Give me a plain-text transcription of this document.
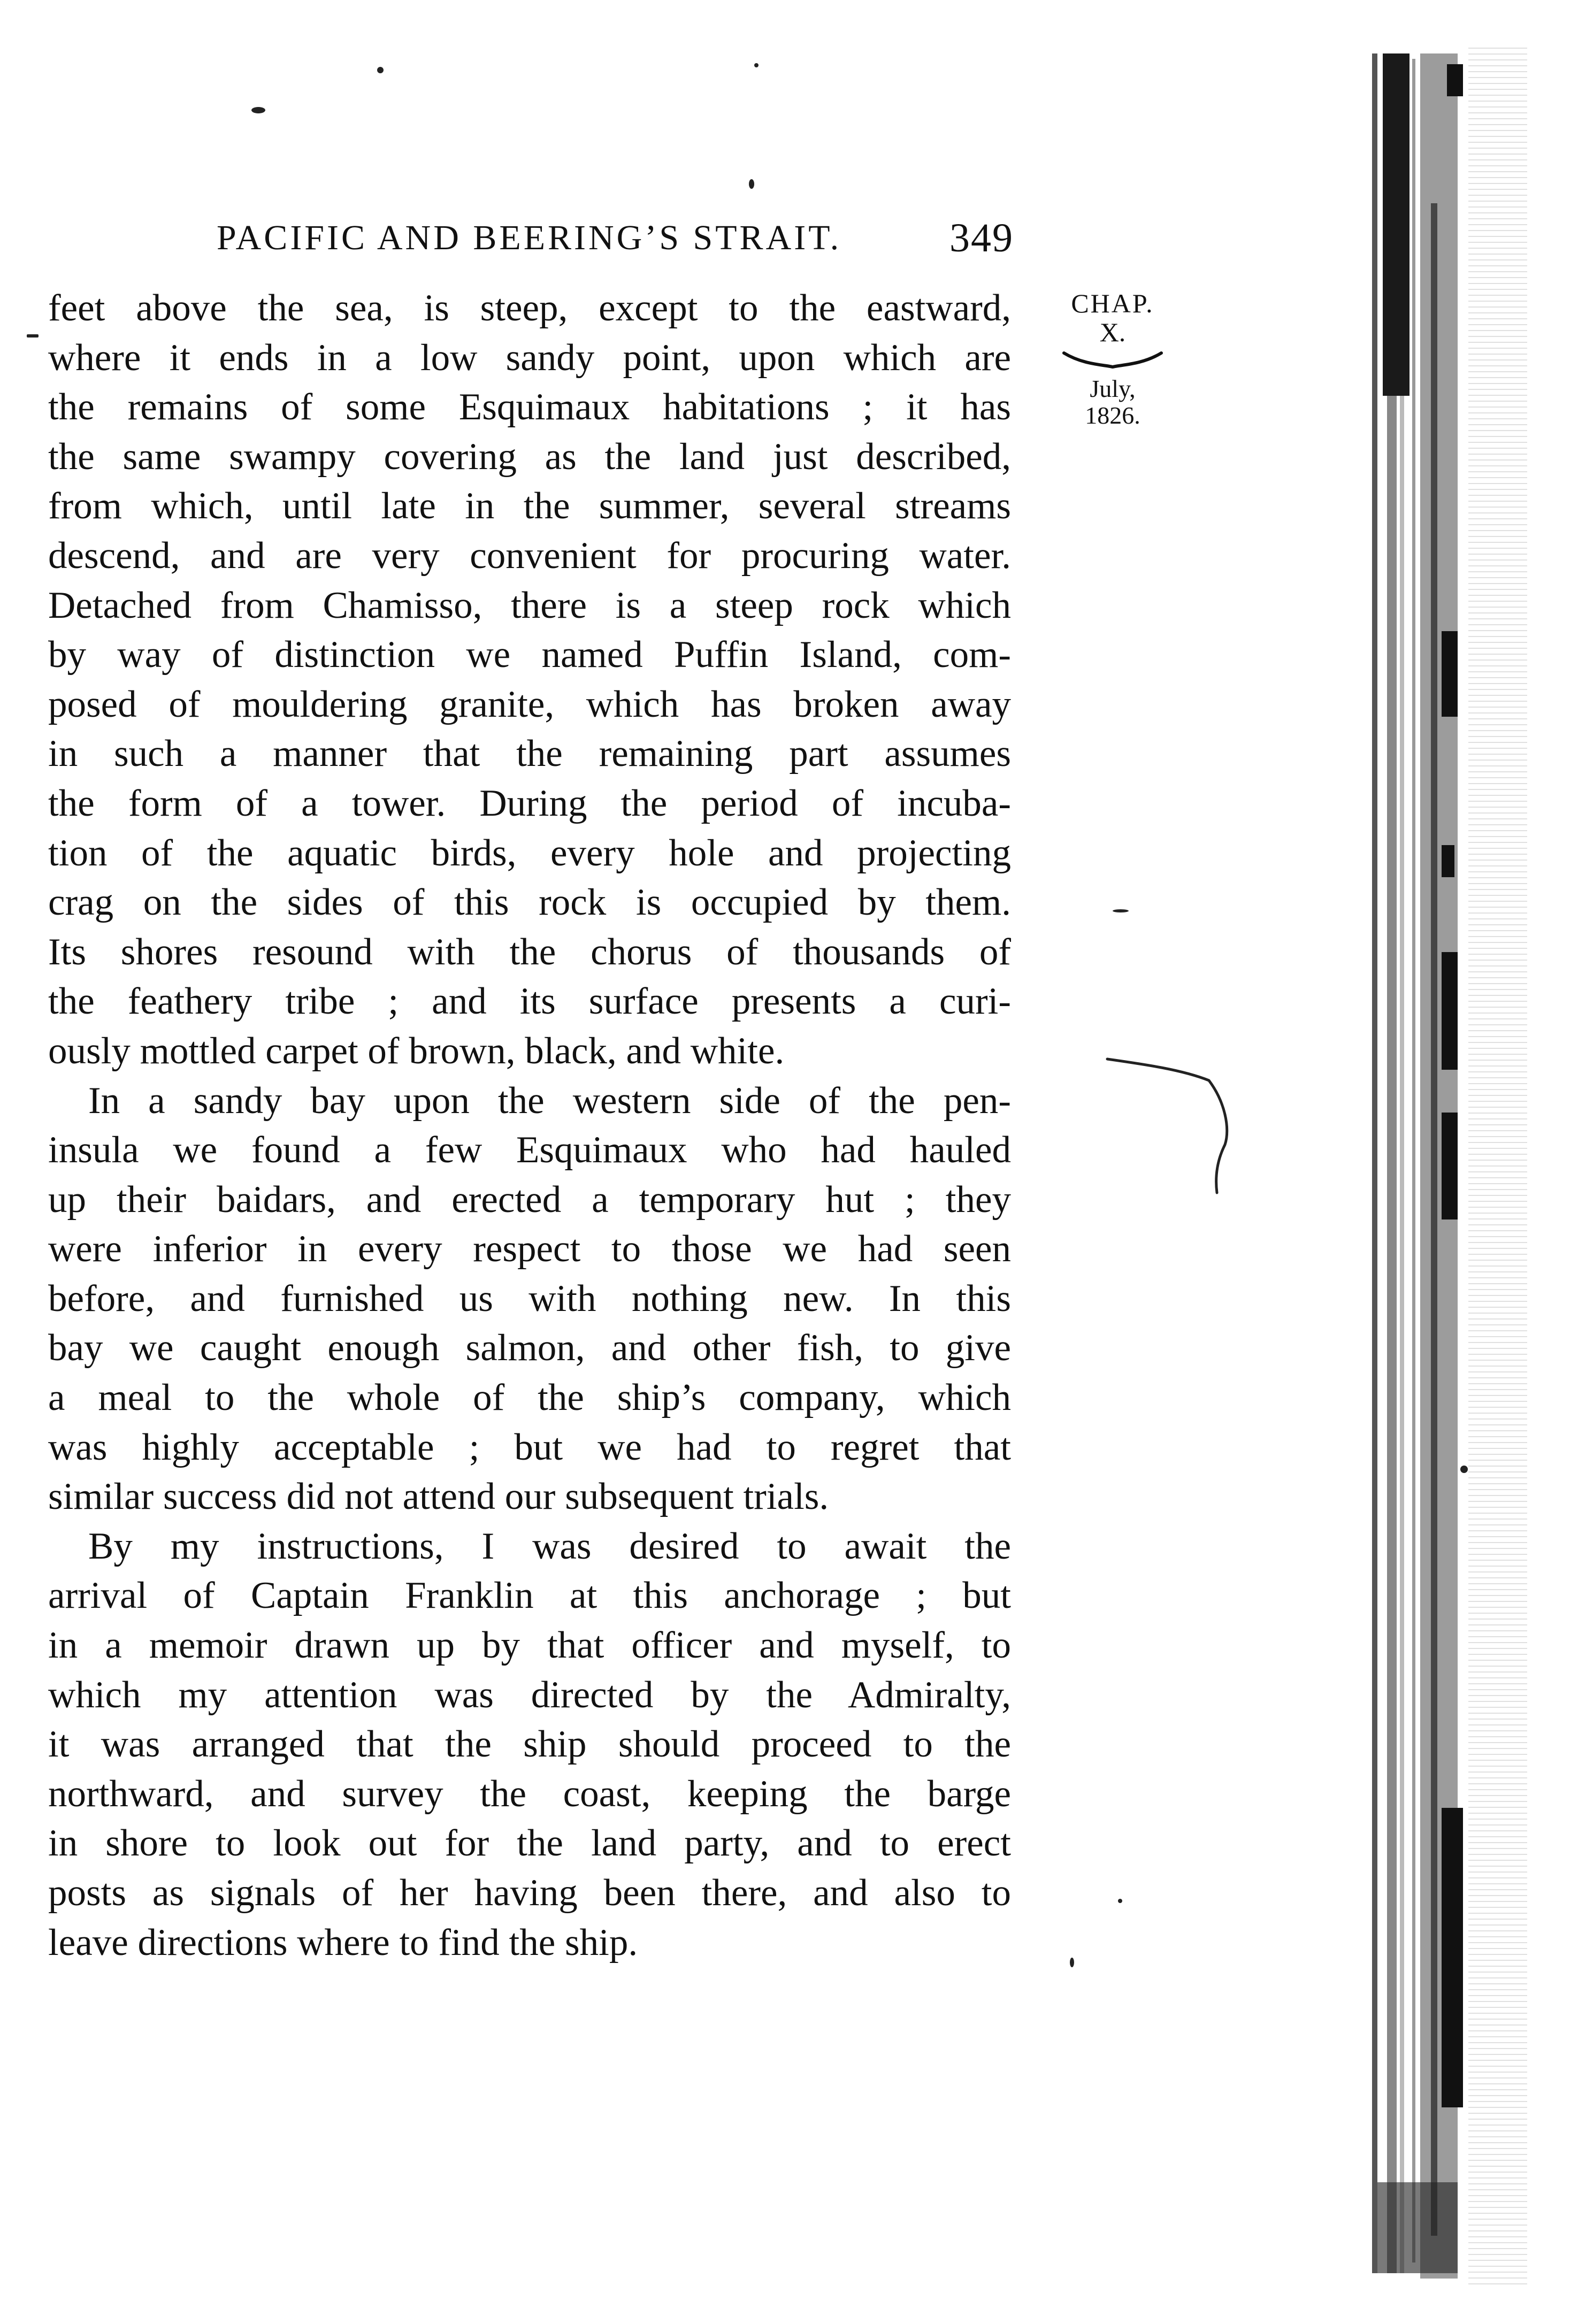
PACIFIC AND BEERING’S STRAIT.	349
CHAP.
X.
July,
1826.

feet above the sea, is steep, except to the eastward,

where it ends in a low sandy point, upon which are

the remains of some Esquimaux habitations ; it has

the same swampy covering as the land just described,

from which, until late in the summer, several streams

descend, and are very convenient for procuring water.

Detached from Chamisso, there is a steep rock which

by way of distinction we named Puffin Island, com-

posed of mouldering granite, which has broken away

in such a manner that the remaining part assumes

the form of a tower. During the period of incuba-

tion of the aquatic birds, every hole and projecting

crag on the sides of this rock is occupied by them.

Its shores resound with the chorus of thousands of

the feathery tribe ; and its surface presents a curi-

ously mottled carpet of brown, black, and white.

In a sandy bay upon the western side of the pen-

insula we found a few Esquimaux who had hauled

up their baidars, and erected a temporary hut ; they

were inferior in every respect to those we had seen

before, and furnished us with nothing new. In this

bay we caught enough salmon, and other fish, to give

a meal to the whole of the ship’s company, which

was highly acceptable ; but we had to regret that

similar success did not attend our subsequent trials.

By my instructions, I was desired to await the

arrival of Captain Franklin at this anchorage ; but

in a memoir drawn up by that officer and myself, to

which my attention was directed by the Admiralty,

it was arranged that the ship should proceed to the

northward, and survey the coast, keeping the barge

in shore to look out for the land party, and to erect

posts as signals of her having been there, and also to

leave directions where to find the ship.
